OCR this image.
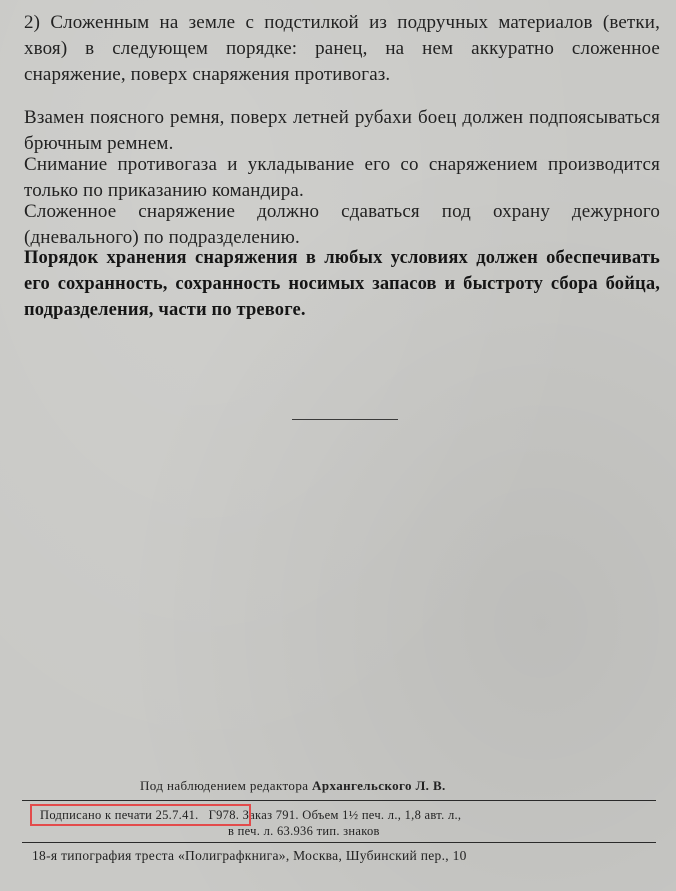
2) Сложенным на земле с подстилкой из подручных материалов (ветки, хвоя) в следующем порядке: ранец, на нем аккуратно сложенное снаряжение, поверх снаряжения противогаз.

Взамен поясного ремня, поверх летней рубахи боец должен подпоясываться брючным ремнем.

Снимание противогаза и укладывание его со снаряжением производится только по приказанию командира.

Сложенное снаряжение должно сдаваться под охрану дежурного (дневального) по подразделению.

Порядок хранения снаряжения в любых условиях должен обеспечивать его сохранность, сохранность носимых запасов и быстроту сбора бойца, подразделения, части по тревоге.

Под наблюдением редактора Архангельского Л. В.
Подписано к печати 25.7.41. Г978. Заказ 791. Объем 1½ печ. л., 1,8 авт. л.,
в печ. л. 63.936 тип. знаков
18-я типография треста «Полиграфкнига», Москва, Шубинский пер., 10
